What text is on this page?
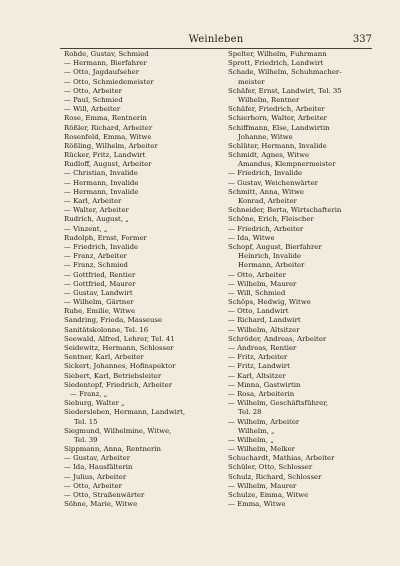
Weinleben	337
Rohde, Gustav, Schmied
— Hermann, Bierfahrer
— Otto, Jagdaufseher
— Otto, Schmiedemeister
— Otto, Arbeiter
— Paul, Schmied
— Will, Arbeiter
Rose, Emma, Rentnerin
Rößler, Richard, Arbeiter
Rosenfeld, Emma, Witwe
Rößling, Wilhelm, Arbeiter
Rücker, Fritz, Landwirt
Rudloff, August, Arbeiter
— Christian, Invalide
— Hermann, Invalide
— Hermann, Invalide
— Karl, Arbeiter
— Walter, Arbeiter
Rudrich, August, „
— Vinzent, „
Rudolph, Ernst, Former
— Friedrich, Invalide
— Franz, Arbeiter
— Franz, Schmied
— Gottfried, Rentier
— Gottfried, Maurer
— Gustav, Landwirt
— Wilhelm, Gärtner
Ruhe, Emilie, Witwe
Sandring, Frieda, Masseuse
Sanitätskolonne, Tel. 16
Seewald, Alfred, Lehrer, Tel. 41
Seidewitz, Hermann, Schlosser
Sentner, Karl, Arbeiter
Sickert, Johannes, Hofinspektor
Siebert, Karl, Betriebsleiter
Siedentopf, Friedrich, Arbeiter
— Franz, „
Sieburg, Walter „
Siedersleben, Hermann, Landwirt,
Tel. 15
Siegmund, Wilhelmine, Witwe,
Tel. 39
Sippmann, Anna, Rentnerin
— Gustav, Arbeiter
— Ida, Hausfälterin
— Julius, Arbeiter
— Otto, Arbeiter
— Otto, Straßenwärter
Söhne, Marie, Witwe
Spelter, Wilhelm, Fuhrmann
Sprott, Friedrich, Landwirt
Schade, Wilhelm, Schuhmacher-
meister
Schäfer, Ernst, Landwirt, Tel. 35
Wilhelm, Rentner
Schäfer, Friedrich, Arbeiter
Schierhorn, Walter, Arbeiter
Schiffmann, Else, Landwirtin
Johanne, Witwe
Schlüter, Hermann, Invalide
Schmidt, Agnes, Witwe
Amandus, Klempnermeister
— Friedrich, Invalide
— Gustav, Weichenwärter
Schmitt, Anna, Witwe
Konrad, Arbeiter
Schneider, Berta, Wirtschafterin
Schöne, Erich, Fleischer
— Friedrich, Arbeiter
— Ida, Witwe
Schopf, August, Bierfahrer
Heinrich, Invalide
Hermann, Arbeiter
— Otto, Arbeiter
— Wilhelm, Maurer
— Will, Schmied
Schöps, Hedwig, Witwe
— Otto, Landwirt
— Richard, Landwirt
— Wilhelm, Altsitzer
Schröder, Andreas, Arbeiter
— Andreas, Rentier
— Fritz, Arbeiter
— Fritz, Landwirt
— Karl, Altsitzer
— Minna, Gastwirtin
— Rosa, Arbeiterin
— Wilhelm, Geschäftsführer,
Tel. 28
— Wilhelm, Arbeiter
Wilhelm, „
— Wilhelm, „
— Wilhelm, Melker
Schuchardt, Mathias, Arbeiter
Schüler, Otto, Schlosser
Schulz, Richard, Schlosser
— Wilhelm, Maurer
Schulze, Emma, Witwe
— Emma, Witwe
